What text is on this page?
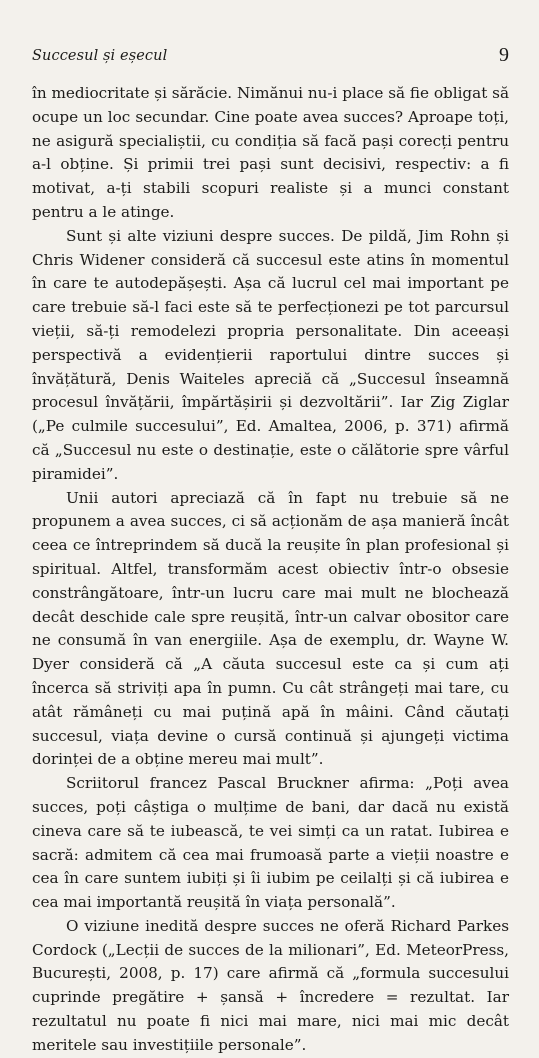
Succesul și eșecul	9

în mediocritate și sărăcie. Nimănui nu-i place să fie obligat să ocupe un loc secundar. Cine poate avea succes? Aproape toți, ne asigură specialiștii, cu condiția să facă pași corecți pentru a-l obține. Și primii trei pași sunt decisivi, respectiv: a fi motivat, a-ți stabili scopuri realiste și a munci constant pentru a le atinge.

Sunt și alte viziuni despre succes. De pildă, Jim Rohn și Chris Widener consideră că succesul este atins în momentul în care te autodepășești. Așa că lucrul cel mai important pe care trebuie să-l faci este să te perfecționezi pe tot parcursul vieții, să-ți remodelezi propria personalitate. Din aceeași perspectivă a evidențierii raportului dintre succes și învățătură, Denis Waiteles apreciă că „Succesul înseamnă procesul învățării, împărtășirii și dezvoltării”. Iar Zig Ziglar („Pe culmile succesului”, Ed. Amaltea, 2006, p. 371) afirmă că „Succesul nu este o destinație, este o călătorie spre vârful piramidei”.

Unii autori apreciază că în fapt nu trebuie să ne propunem a avea succes, ci să acționăm de așa manieră încât ceea ce întreprindem să ducă la reușite în plan profesional și spiritual. Altfel, transformăm acest obiectiv într-o obsesie constrângătoare, într-un lucru care mai mult ne blochează decât deschide cale spre reușită, într-un calvar obositor care ne consumă în van energiile. Așa de exemplu, dr. Wayne W. Dyer consideră că „A căuta succesul este ca și cum ați încerca să striviți apa în pumn. Cu cât strângeți mai tare, cu atât rămâneți cu mai puțină apă în mâini. Când căutați succesul, viața devine o cursă continuă și ajungeți victima dorinței de a obține mereu mai mult”.

Scriitorul francez Pascal Bruckner afirma: „Poți avea succes, poți câștiga o mulțime de bani, dar dacă nu există cineva care să te iubească, te vei simți ca un ratat. Iubirea e sacră: admitem că cea mai frumoasă parte a vieții noastre e cea în care suntem iubiți și îi iubim pe ceilalți și că iubirea e cea mai importantă reușită în viața personală”.

O viziune inedită despre succes ne oferă Richard Parkes Cordock („Lecții de succes de la milionari”, Ed. MeteorPress, București, 2008, p. 17) care afirmă că „formula succesului cuprinde pregătire + șansă + încredere = rezultat. Iar rezultatul nu poate fi nici mai mare, nici mai mic decât meritele sau investițiile personale”.
